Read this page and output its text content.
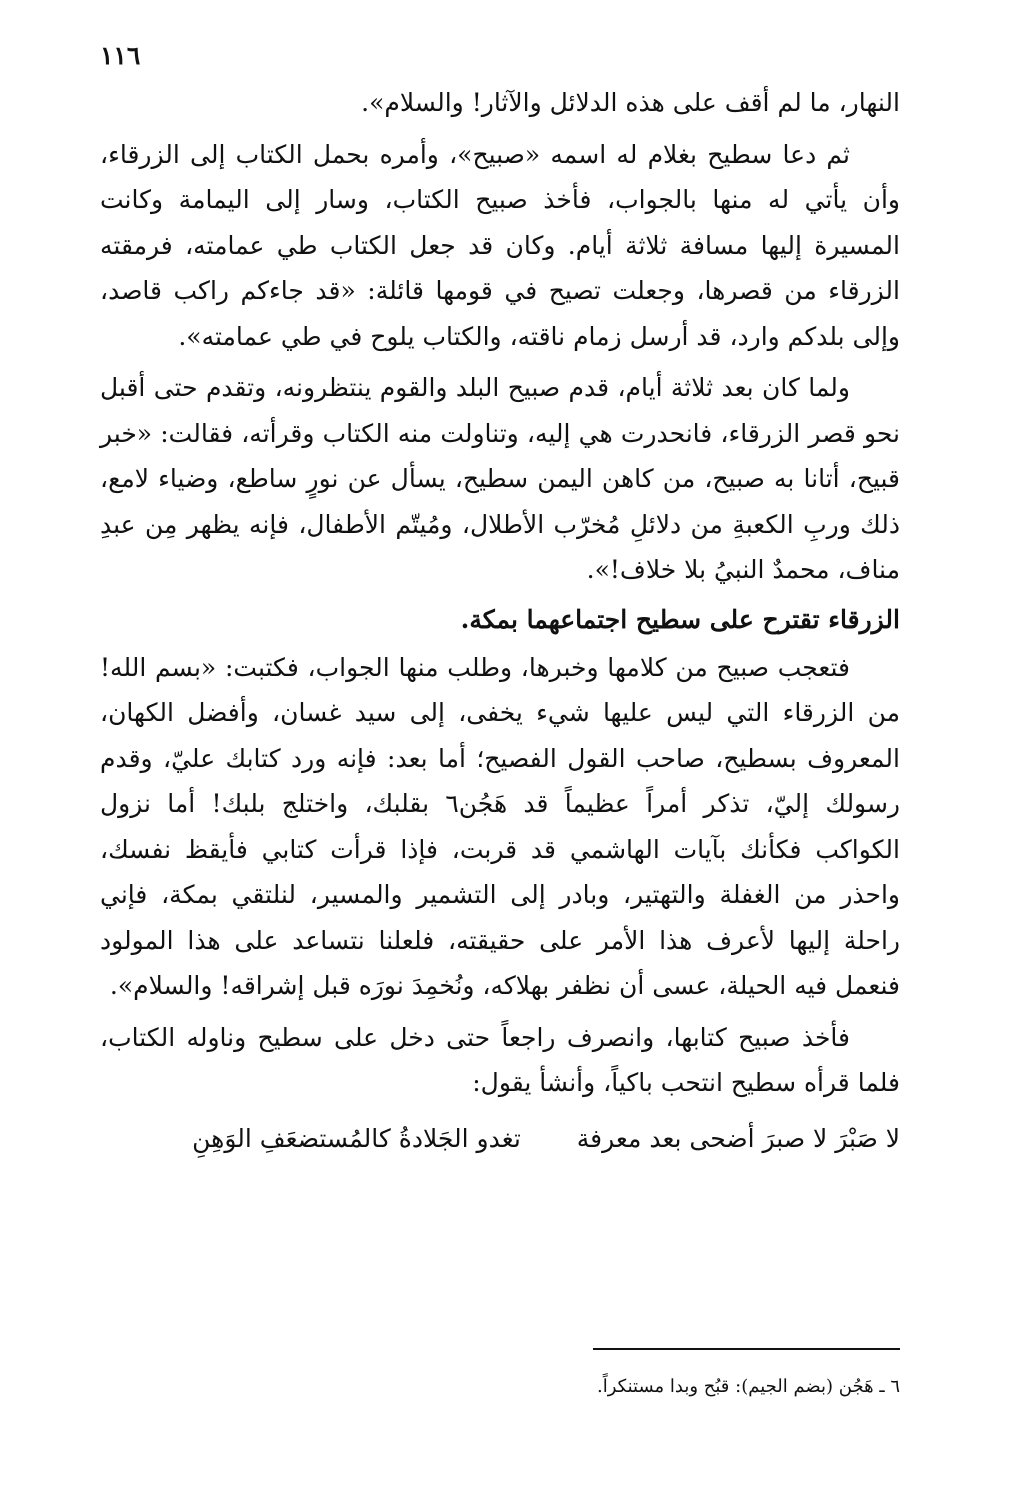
١١٦

النهار، ما لم أقف على هذه الدلائل والآثار! والسلام».

ثم دعا سطيح بغلام له اسمه «صبيح»، وأمره بحمل الكتاب إلى الزرقاء، وأن يأتي له منها بالجواب، فأخذ صبيح الكتاب، وسار إلى اليمامة وكانت المسيرة إليها مسافة ثلاثة أيام. وكان قد جعل الكتاب طي عمامته، فرمقته الزرقاء من قصرها، وجعلت تصيح في قومها قائلة: «قد جاءكم راكب قاصد، وإلى بلدكم وارد، قد أرسل زمام ناقته، والكتاب يلوح في طي عمامته».

ولما كان بعد ثلاثة أيام، قدم صبيح البلد والقوم ينتظرونه، وتقدم حتى أقبل نحو قصر الزرقاء، فانحدرت هي إليه، وتناولت منه الكتاب وقرأته، فقالت: «خبر قبيح، أتانا به صبيح، من كاهن اليمن سطيح، يسأل عن نورٍ ساطع، وضياء لامع، ذلك وربِ الكعبةِ من دلائلِ مُخرّب الأطلال، ومُيتّم الأطفال، فإنه يظهر مِن عبدِ مناف، محمدٌ النبيُ بلا خلاف!».

الزرقاء تقترح على سطيح اجتماعهما بمكة.

فتعجب صبيح من كلامها وخبرها، وطلب منها الجواب، فكتبت: «بسم الله! من الزرقاء التي ليس عليها شيء يخفى، إلى سيد غسان، وأفضل الكهان، المعروف بسطيح، صاحب القول الفصيح؛ أما بعد: فإنه ورد كتابك عليّ، وقدم رسولك إليّ، تذكر أمراً عظيماً قد هَجُن٦ بقلبك، واختلج بلبك! أما نزول الكواكب فكأنك بآيات الهاشمي قد قربت، فإذا قرأت كتابي فأيقظ نفسك، واحذر من الغفلة والتهتير، وبادر إلى التشمير والمسير، لنلتقي بمكة، فإني راحلة إليها لأعرف هذا الأمر على حقيقته، فلعلنا نتساعد على هذا المولود فنعمل فيه الحيلة، عسى أن نظفر بهلاكه، ونُخمِدَ نورَه قبل إشراقه! والسلام».

فأخذ صبيح كتابها، وانصرف راجعاً حتى دخل على سطيح وناوله الكتاب، فلما قرأه سطيح انتحب باكياً، وأنشأ يقول:

لا صَبْرَ لا صبرَ أضحى بعد معرفة
تغدو الجَلادةُ كالمُستضعَفِ الوَهِنِ
٦ ـ هَجُن (بضم الجيم): قبُح وبدا مستنكراً.
